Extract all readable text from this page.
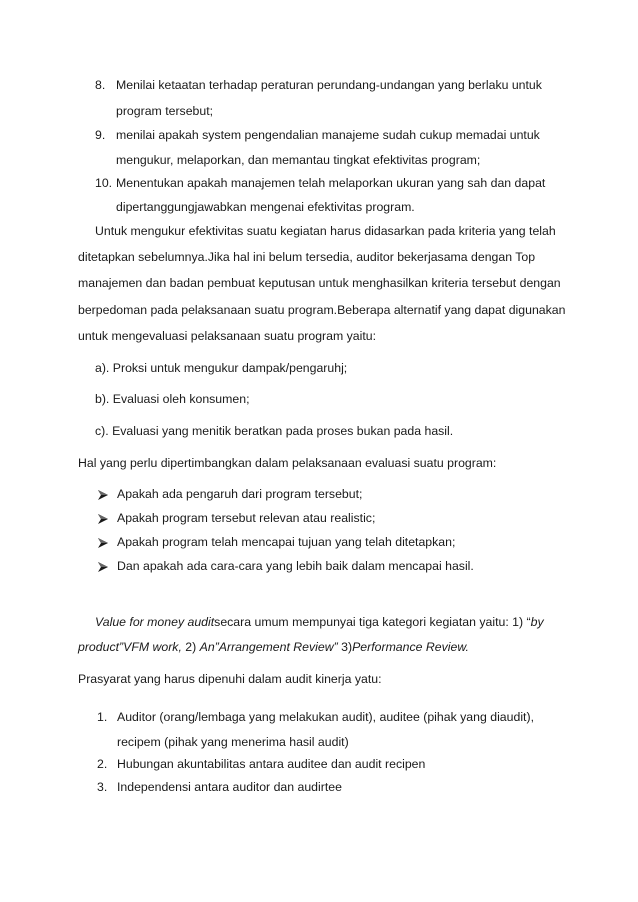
8. Menilai ketaatan terhadap peraturan perundang-undangan yang berlaku untuk
program tersebut;
9. menilai apakah system pengendalian manajeme sudah cukup memadai untuk
mengukur, melaporkan, dan memantau tingkat efektivitas program;
10. Menentukan apakah manajemen telah melaporkan ukuran yang sah dan dapat
dipertanggungjawabkan mengenai efektivitas program.
Untuk mengukur efektivitas suatu kegiatan harus didasarkan pada kriteria yang telah
ditetapkan sebelumnya.Jika hal ini belum tersedia, auditor bekerjasama dengan Top
manajemen dan badan pembuat keputusan untuk menghasilkan kriteria tersebut dengan
berpedoman pada pelaksanaan suatu program.Beberapa alternatif yang dapat digunakan
untuk mengevaluasi pelaksanaan suatu program yaitu:
a). Proksi untuk mengukur dampak/pengaruhj;
b). Evaluasi oleh konsumen;
c). Evaluasi yang menitik beratkan pada proses bukan pada hasil.
Hal yang perlu dipertimbangkan dalam pelaksanaan evaluasi suatu program:
Apakah ada pengaruh dari program tersebut;
Apakah program tersebut relevan atau realistic;
Apakah program telah mencapai tujuan yang telah ditetapkan;
Dan apakah ada cara-cara yang lebih baik dalam mencapai hasil.
Value for money auditsecara umum mempunyai tiga kategori kegiatan yaitu: 1) “by
product”VFM work, 2) An”Arrangement Review” 3)Performance Review.
Prasyarat yang harus dipenuhi dalam audit kinerja yatu:
1. Auditor (orang/lembaga yang melakukan audit), auditee (pihak yang diaudit),
recipem (pihak yang menerima hasil audit)
2. Hubungan akuntabilitas antara auditee dan audit recipen
3. Independensi antara auditor dan audirtee
